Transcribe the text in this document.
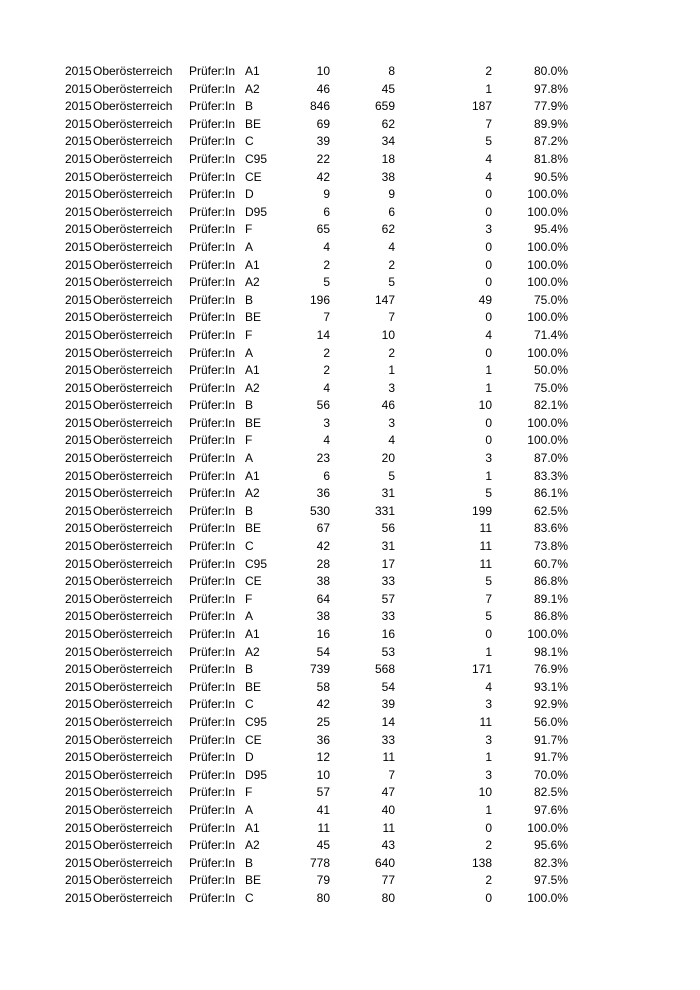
2015 Oberösterreich Prüfer:In A1	10	8	2	80.0%
2015 Oberösterreich Prüfer:In A2	46	45	1	97.8%
2015 Oberösterreich Prüfer:In B	846	659	187	77.9%
2015 Oberösterreich Prüfer:In BE	69	62	7	89.9%
2015 Oberösterreich Prüfer:In C	39	34	5	87.2%
2015 Oberösterreich Prüfer:In C95	22	18	4	81.8%
2015 Oberösterreich Prüfer:In CE	42	38	4	90.5%
2015 Oberösterreich Prüfer:In D	9	9	0	100.0%
2015 Oberösterreich Prüfer:In D95	6	6	0	100.0%
2015 Oberösterreich Prüfer:In F	65	62	3	95.4%
2015 Oberösterreich Prüfer:In A	4	4	0	100.0%
2015 Oberösterreich Prüfer:In A1	2	2	0	100.0%
2015 Oberösterreich Prüfer:In A2	5	5	0	100.0%
2015 Oberösterreich Prüfer:In B	196	147	49	75.0%
2015 Oberösterreich Prüfer:In BE	7	7	0	100.0%
2015 Oberösterreich Prüfer:In F	14	10	4	71.4%
2015 Oberösterreich Prüfer:In A	2	2	0	100.0%
2015 Oberösterreich Prüfer:In A1	2	1	1	50.0%
2015 Oberösterreich Prüfer:In A2	4	3	1	75.0%
2015 Oberösterreich Prüfer:In B	56	46	10	82.1%
2015 Oberösterreich Prüfer:In BE	3	3	0	100.0%
2015 Oberösterreich Prüfer:In F	4	4	0	100.0%
2015 Oberösterreich Prüfer:In A	23	20	3	87.0%
2015 Oberösterreich Prüfer:In A1	6	5	1	83.3%
2015 Oberösterreich Prüfer:In A2	36	31	5	86.1%
2015 Oberösterreich Prüfer:In B	530	331	199	62.5%
2015 Oberösterreich Prüfer:In BE	67	56	11	83.6%
2015 Oberösterreich Prüfer:In C	42	31	11	73.8%
2015 Oberösterreich Prüfer:In C95	28	17	11	60.7%
2015 Oberösterreich Prüfer:In CE	38	33	5	86.8%
2015 Oberösterreich Prüfer:In F	64	57	7	89.1%
2015 Oberösterreich Prüfer:In A	38	33	5	86.8%
2015 Oberösterreich Prüfer:In A1	16	16	0	100.0%
2015 Oberösterreich Prüfer:In A2	54	53	1	98.1%
2015 Oberösterreich Prüfer:In B	739	568	171	76.9%
2015 Oberösterreich Prüfer:In BE	58	54	4	93.1%
2015 Oberösterreich Prüfer:In C	42	39	3	92.9%
2015 Oberösterreich Prüfer:In C95	25	14	11	56.0%
2015 Oberösterreich Prüfer:In CE	36	33	3	91.7%
2015 Oberösterreich Prüfer:In D	12	11	1	91.7%
2015 Oberösterreich Prüfer:In D95	10	7	3	70.0%
2015 Oberösterreich Prüfer:In F	57	47	10	82.5%
2015 Oberösterreich Prüfer:In A	41	40	1	97.6%
2015 Oberösterreich Prüfer:In A1	11	11	0	100.0%
2015 Oberösterreich Prüfer:In A2	45	43	2	95.6%
2015 Oberösterreich Prüfer:In B	778	640	138	82.3%
2015 Oberösterreich Prüfer:In BE	79	77	2	97.5%
2015 Oberösterreich Prüfer:In C	80	80	0	100.0%
